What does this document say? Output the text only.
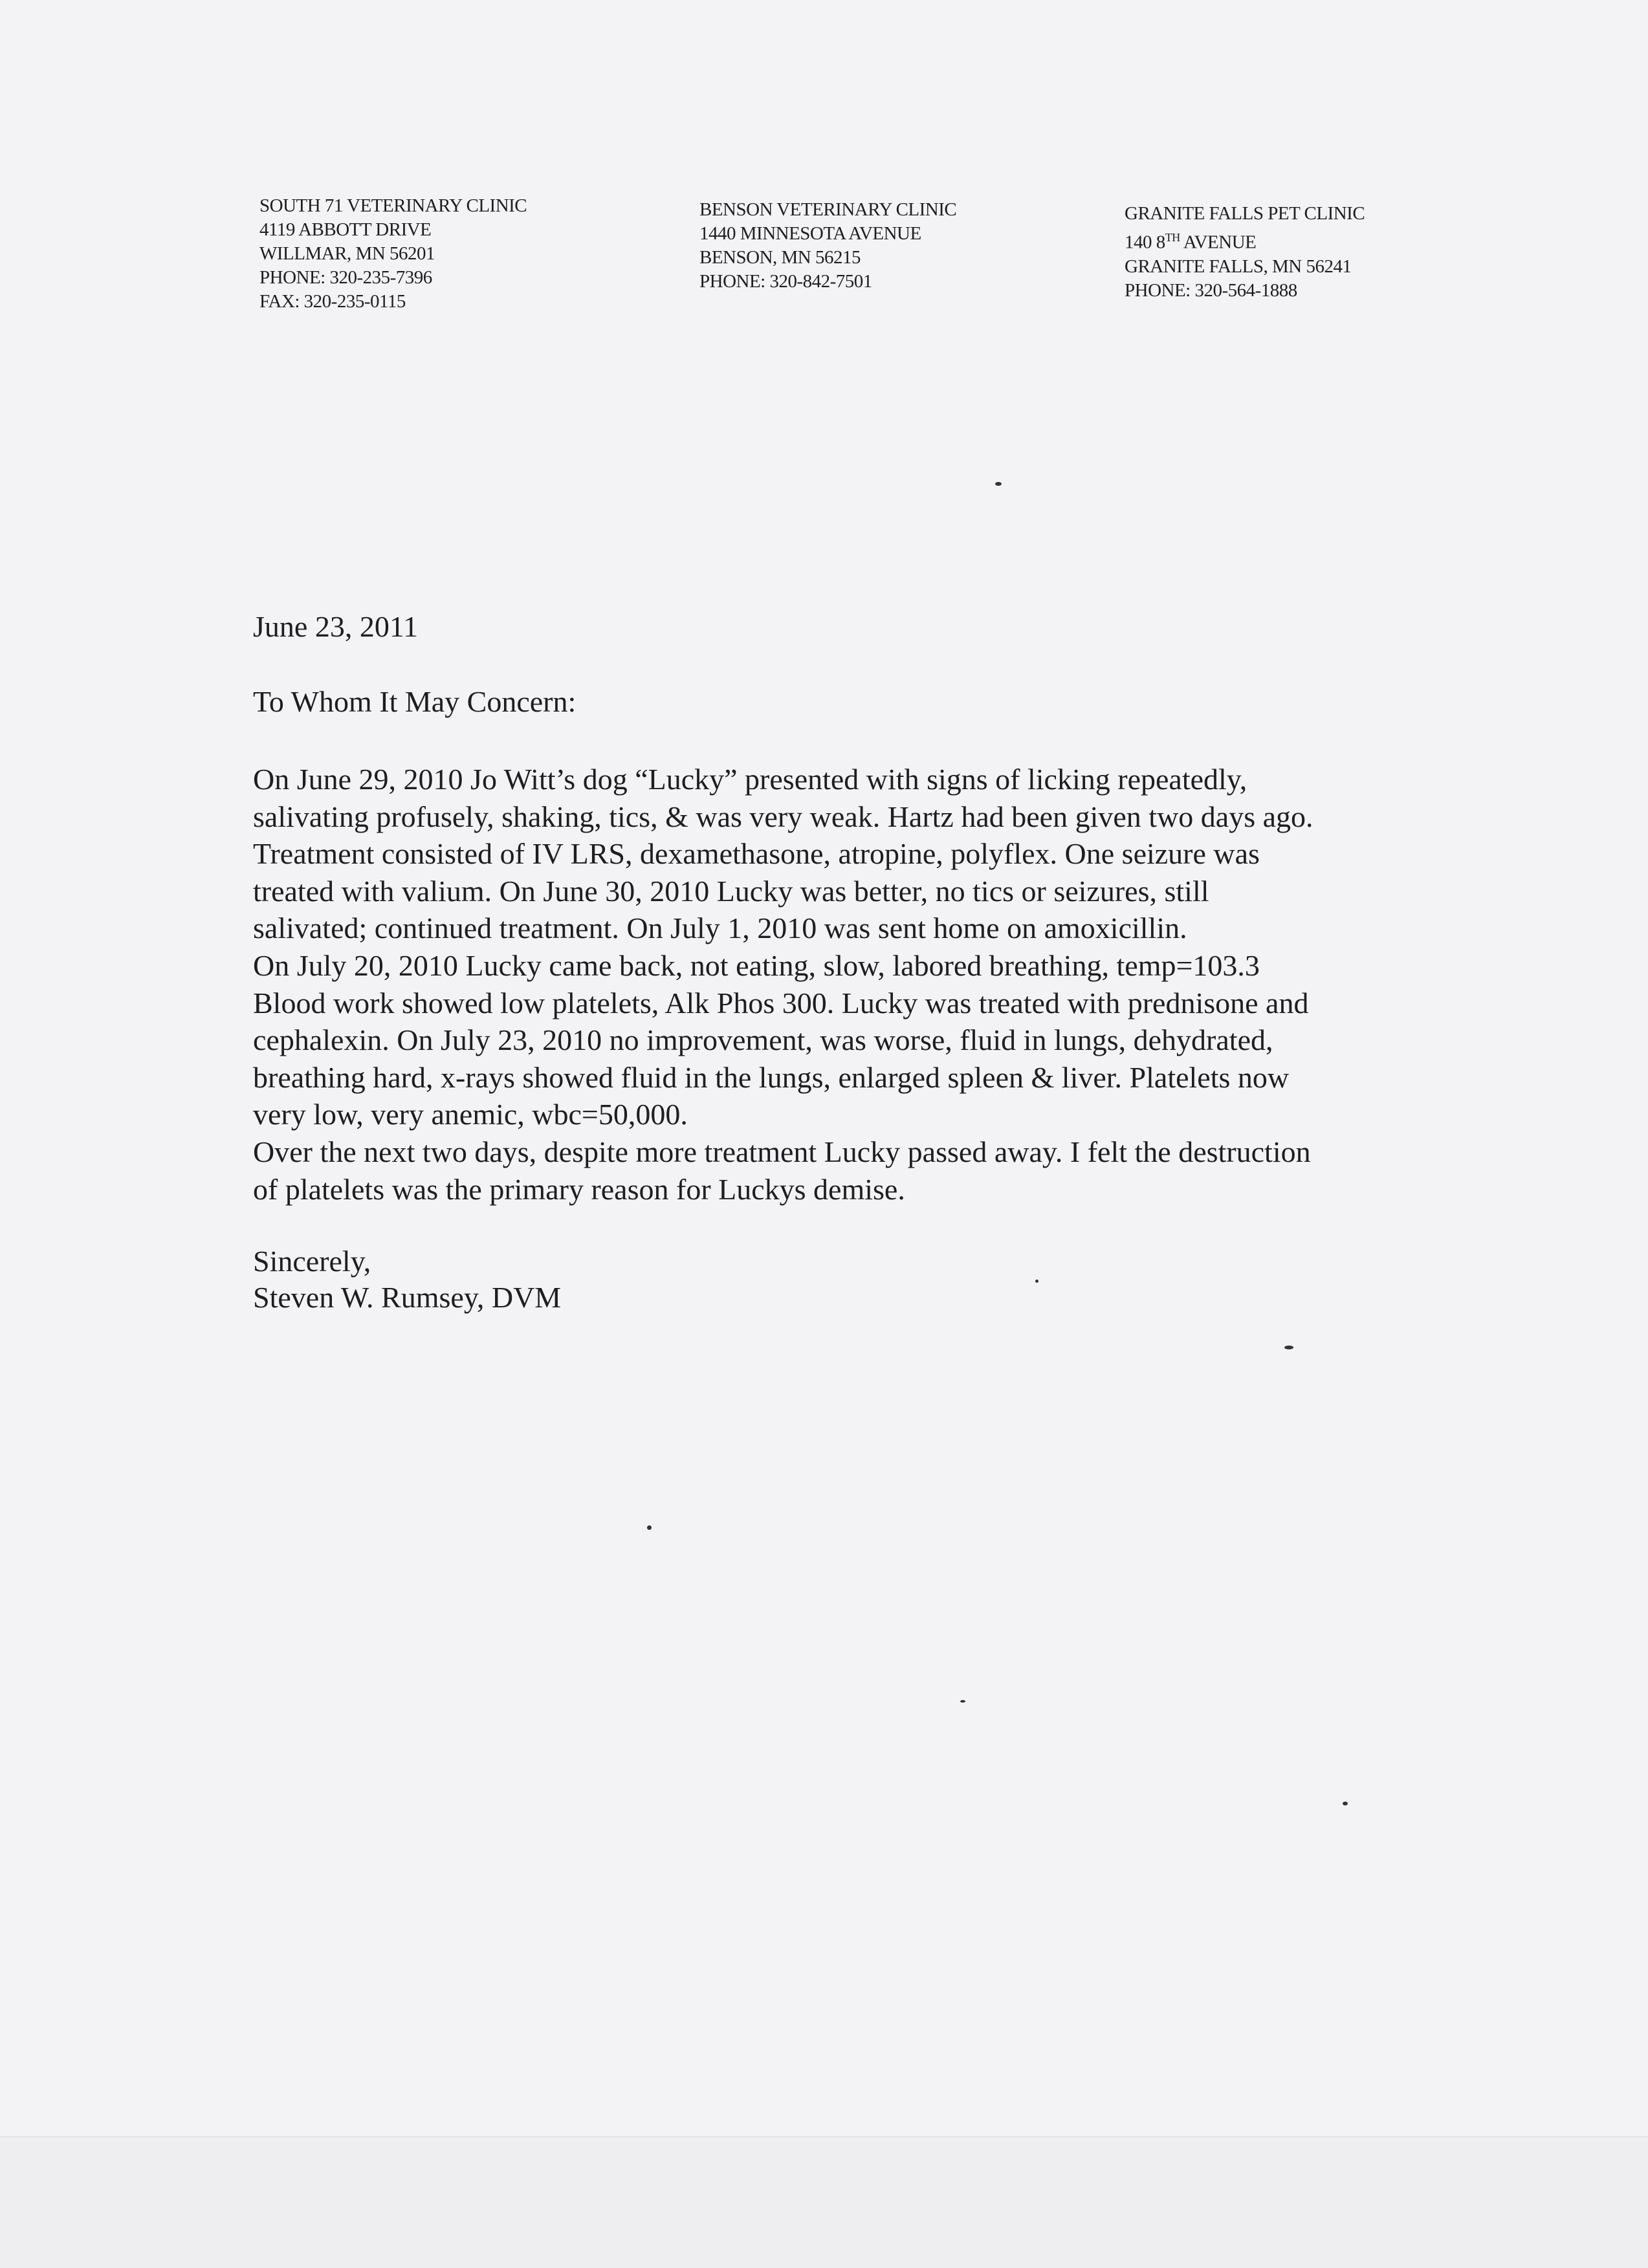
SOUTH 71 VETERINARY CLINIC
4119 ABBOTT DRIVE
WILLMAR, MN 56201
PHONE: 320-235-7396
FAX: 320-235-0115
BENSON VETERINARY CLINIC
1440 MINNESOTA AVENUE
BENSON, MN 56215
PHONE: 320-842-7501
GRANITE FALLS PET CLINIC
140 8TH AVENUE
GRANITE FALLS, MN 56241
PHONE: 320-564-1888
June 23, 2011
To Whom It May Concern:
On June 29, 2010 Jo Witt’s dog “Lucky” presented with signs of licking repeatedly,
salivating profusely, shaking, tics, & was very weak. Hartz had been given two days ago.
Treatment consisted of IV LRS, dexamethasone, atropine, polyflex. One seizure was
treated with valium. On June 30, 2010 Lucky was better, no tics or seizures, still
salivated; continued treatment. On July 1, 2010 was sent home on amoxicillin.
On July 20, 2010 Lucky came back, not eating, slow, labored breathing, temp=103.3
Blood work showed low platelets, Alk Phos 300. Lucky was treated with prednisone and
cephalexin. On July 23, 2010 no improvement, was worse, fluid in lungs, dehydrated,
breathing hard, x-rays showed fluid in the lungs, enlarged spleen & liver. Platelets now
very low, very anemic, wbc=50,000.
Over the next two days, despite more treatment Lucky passed away. I felt the destruction
of platelets was the primary reason for Luckys demise.
Sincerely,
Steven W. Rumsey, DVM
